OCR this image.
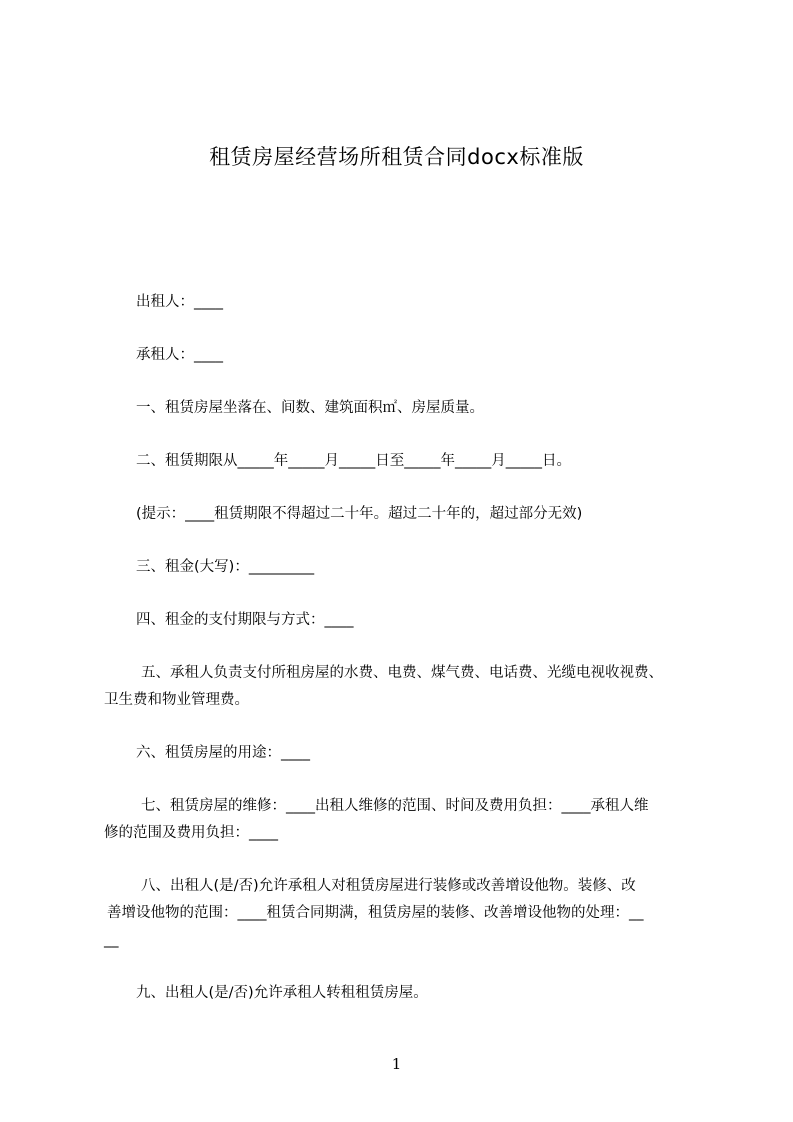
租赁房屋经营场所租赁合同docx标准版
出租人：____
承租人：____
一、租赁房屋坐落在、间数、建筑面积㎡、房屋质量。
二、租赁期限从_____年_____月_____日至_____年_____月_____日。
(提示：____租赁期限不得超过二十年。超过二十年的，超过部分无效)
三、租金(大写)：_________
四、租金的支付期限与方式：____
五、承租人负责支付所租房屋的水费、电费、煤气费、电话费、光缆电视收视费、
卫生费和物业管理费。
六、租赁房屋的用途：____
七、租赁房屋的维修：____出租人维修的范围、时间及费用负担：____承租人维
修的范围及费用负担：____
八、出租人(是/否)允许承租人对租赁房屋进行装修或改善增设他物。装修、改
善增设他物的范围：____租赁合同期满，租赁房屋的装修、改善增设他物的处理：__
__
九、出租人(是/否)允许承租人转租租赁房屋。
1
